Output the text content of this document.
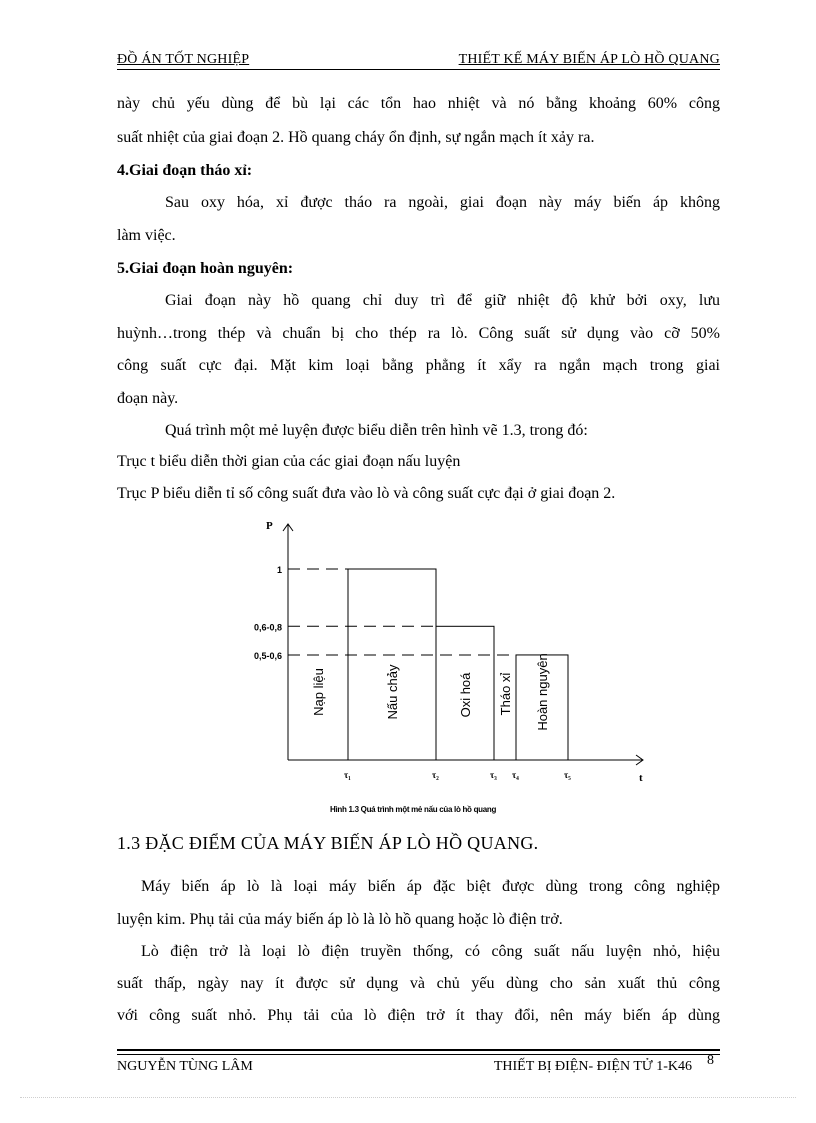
ĐỒ ÁN TỐT NGHIỆP	THIẾT KẾ MÁY BIẾN ÁP LÒ HỒ QUANG
này chủ yếu dùng để bù lại các tổn hao nhiệt và nó bằng khoảng 60% công
suất nhiệt của giai đoạn 2. Hồ quang cháy ổn định, sự ngắn mạch ít xảy ra.
4.Giai đoạn tháo xỉ:
Sau oxy hóa, xỉ được tháo ra ngoài, giai đoạn này máy biến áp không
làm việc.
5.Giai đoạn hoàn nguyên:
Giai đoạn này hồ quang chỉ duy trì để giữ nhiệt độ khử bởi oxy, lưu
huỳnh…trong thép và chuẩn bị cho thép ra lò. Công suất sử dụng vào cỡ 50%
công suất cực đại. Mặt kim loại bằng phẳng ít xẩy ra ngắn mạch trong giai
đoạn này.
Quá trình một mẻ luyện được biểu diễn trên hình vẽ 1.3, trong đó:
Trục t biểu diễn thời gian của các giai đoạn nấu luyện
Trục P biểu diễn tỉ số công suất đưa vào lò và công suất cực đại ở giai đoạn 2.
P
t
1
0,6-0,8
0,5-0,6
τ₁	τ₂	τ₃ τ₄	τ₅
Nạp liệu	Nấu chảy	Oxi hoá Tháo xỉ Hoàn nguyên
Hình 1.3 Quá trình một mẻ nấu của lò hồ quang
1.3 ĐẶC ĐIỂM CỦA MÁY BIẾN ÁP LÒ HỒ QUANG.
Máy biến áp lò là loại máy biến áp đặc biệt được dùng trong công nghiệp
luyện kim. Phụ tải của máy biến áp lò là lò hồ quang hoặc lò điện trở.
Lò điện trở là loại lò điện truyền thống, có công suất nấu luyện nhỏ, hiệu
suất thấp, ngày nay ít được sử dụng và chủ yếu dùng cho sản xuất thủ công
với công suất nhỏ. Phụ tải của lò điện trở ít thay đổi, nên máy biến áp dùng
NGUYỄN TÙNG LÂM	THIẾT BỊ ĐIỆN- ĐIỆN TỬ 1-K46 8
